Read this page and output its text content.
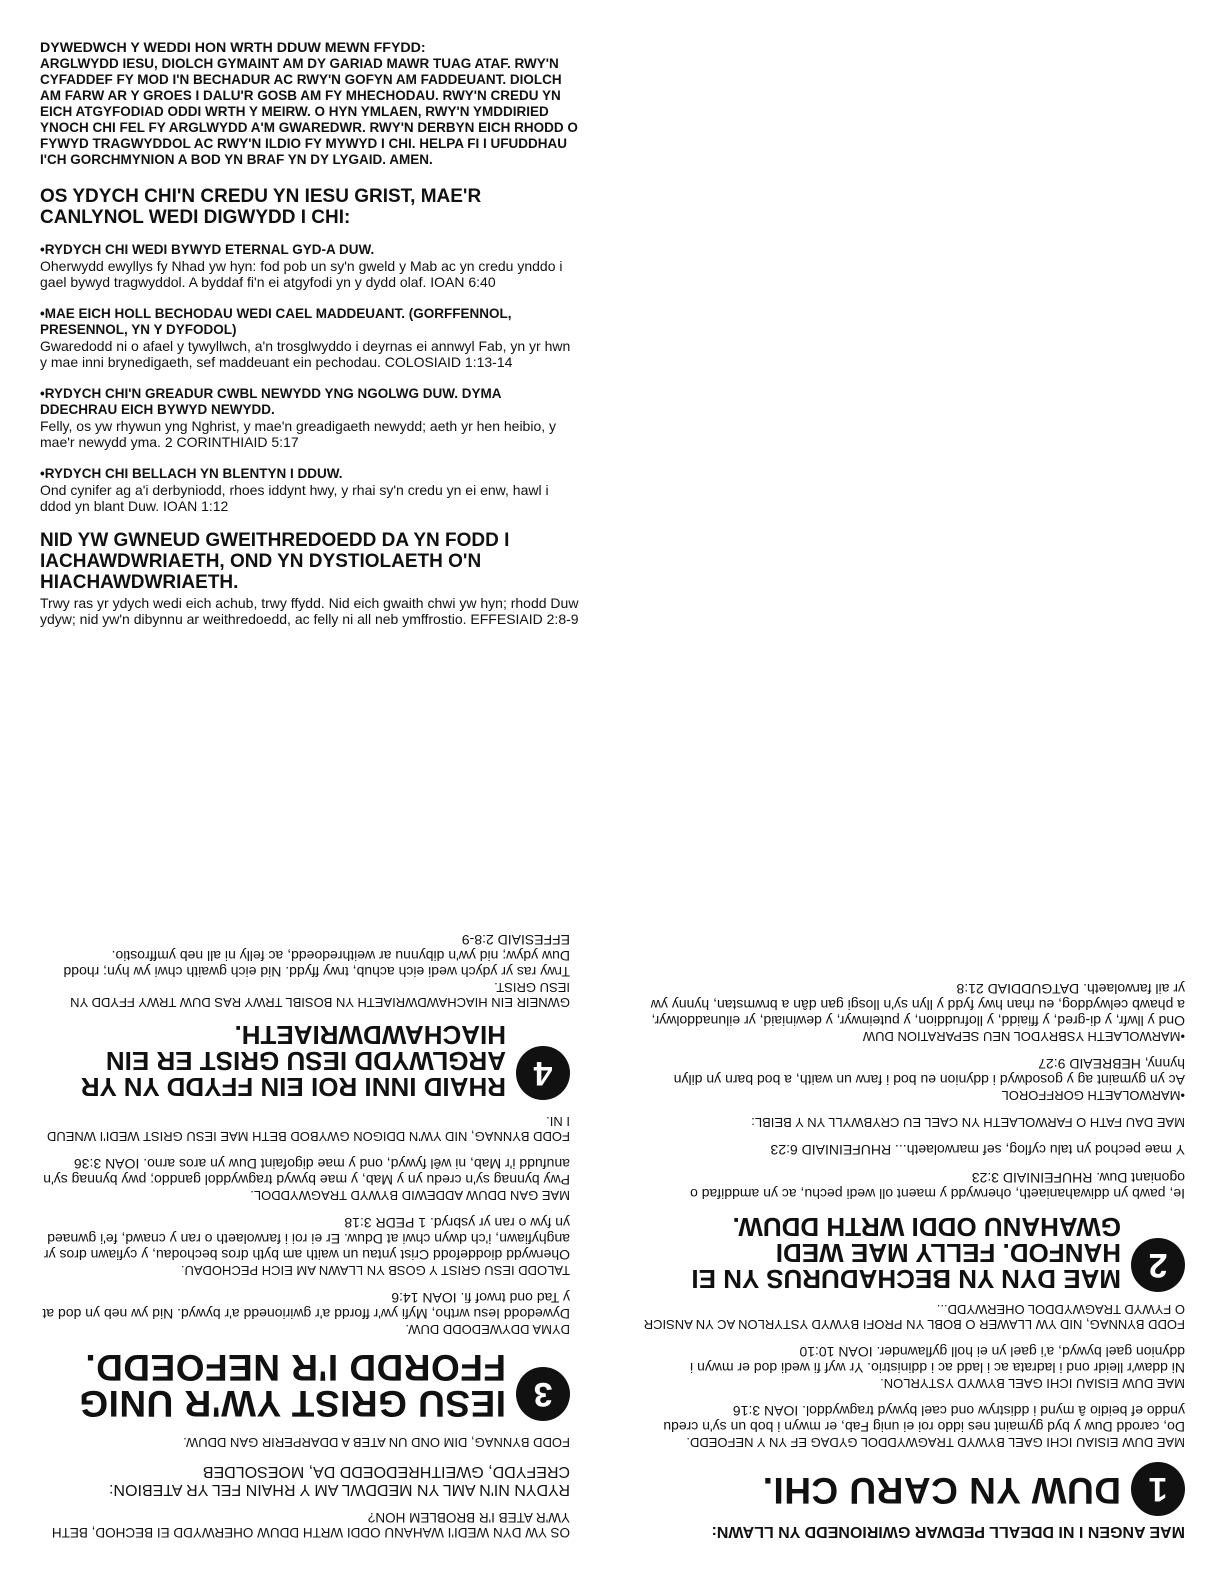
DYWEDWCH Y WEDDI HON WRTH DDUW MEWN FFYDD:
ARGLWYDD IESU, DIOLCH GYMAINT AM DY GARIAD MAWR TUAG ATAF. RWY'N CYFADDEF FY MOD I'N BECHADUR AC RWY'N GOFYN AM FADDEUANT. DIOLCH AM FARW AR Y GROES I DALU'R GOSB AM FY MHECHODAU. RWY'N CREDU YN EICH ATGYFODIAD ODDI WRTH Y MEIRW. O HYN YMLAEN, RWY'N YMDDIRIED YNOCH CHI FEL FY ARGLWYDD A'M GWAREDWR. RWY'N DERBYN EICH RHODD O FYWYD TRAGWYDDOL AC RWY'N ILDIO FY MYWYD I CHI. HELPA FI I UFUDDHAU I'CH GORCHMYNION A BOD YN BRAF YN DY LYGAID. AMEN.
OS YDYCH CHI'N CREDU YN IESU GRIST, MAE'R CANLYNOL WEDI DIGWYDD I CHI:
• RYDYCH CHI WEDI BYWYD ETERNAL GYD-A DUW.
Oherwydd ewyllys fy Nhad yw hyn: fod pob un sy'n gweld y Mab ac yn credu ynddo i gael bywyd tragwyddol. A byddaf fi'n ei atgyfodi yn y dydd olaf. IOAN 6:40
• MAE EICH HOLL BECHODAU WEDI CAEL MADDEUANT. (GORFFENNOL, PRESENNOL, YN Y DYFODOL)
Gwaredodd ni o afael y tywyllwch, a'n trosglwyddo i deyrnas ei annwyl Fab, yn yr hwn y mae inni brynedigaeth, sef maddeuant ein pechodau. COLOSIAID 1:13-14
• RYDYCH CHI'N GREADUR CWBL NEWYDD YNG NGOLWG DUW. DYMA DDECHRAU EICH BYWYD NEWYDD.
Felly, os yw rhywun yng Nghrist, y mae'n greadigaeth newydd; aeth yr hen heibio, y mae'r newydd yma. 2 CORINTHIAID 5:17
• RYDYCH CHI BELLACH YN BLENTYN I DDUW.
Ond cynifer ag a'i derbyniodd, rhoes iddynt hwy, y rhai sy'n credu yn ei enw, hawl i ddod yn blant Duw. IOAN 1:12
NID YW GWNEUD GWEITHREDOEDD DA YN FODD I IACHAWDWRIAETH, OND YN DYSTIOLAETH O'N HIACHAWDWRIAETH.
Trwy ras yr ydych wedi eich achub, trwy ffydd. Nid eich gwaith chwi yw hyn; rhodd Duw ydyw; nid yw'n dibynnu ar weithredoedd, ac felly ni all neb ymffrostio. EFFESIAID 2:8-9
MAE ANGEN I NI DDEALL PEDWAR GWIRIONEDD YN LLAWN:
1
DUW YN CARU CHI.
MAE DUW EISIAU ICHI GAEL BYWYD TRAGWYDDOL GYDAG EF YN Y NEFOEDD.
Do, carodd Duw y byd gymaint nes iddo roi ei unig Fab, er mwyn i bob un sy'n credu ynddo ef beidio â mynd i ddistryw ond cael bywyd tragwyddol. IOAN 3:16
MAE DUW EISIAU ICHI GAEL BYWYD YSTYRLON.
Ni ddaw'r lleidr ond i ladrata ac i ladd ac i ddinistrio. Yr wyf fi wedi dod er mwyn i ddynion gael bywyd, a'i gael yn ei holl gyflawnder. IOAN 10:10
FODD BYNNAG, NID YW LLAWER O BOBL YN PROFI BYWYD YSTYRLON AC YN ANSICR O FYWYD TRAGWYDDOL OHERWYDD...
2
MAE DYN YN BECHADURUS YN EI HANFOD. FELLY MAE WEDI GWAHANU ODDI WRTH DDUW.
Ie, pawb yn ddiwahaniaeth, oherwydd y maent oll wedi pechu, ac yn amddifad o ogoniant Duw. RHUFEINIAID 3:23
Y mae pechod yn talu cyflog, sef marwolaeth... RHUFEINIAID 6:23
MAE DAU FATH O FARWOLAETH YN CAEL EU CRYBWYLL YN Y BEIBL:
• MARWOLAETH GORFFOROL
Ac yn gymaint ag y gosodwyd i ddynion eu bod i farw un waith, a bod barn yn dilyn hynny, HEBREAID 9:27
• MARWOLAETH YSBRYDOL NEU SEPARATION DUW
Ond y llwfr, y di-gred, y ffiaidd, y llofruddion, y puteinwyr, y dewiniaid, yr eilunaddolwyr, a phawb celwyddog, eu rhan hwy fydd y llyn sy'n llosgi gan dân a brwmstan, hynny yw yr ail farwolaeth. DATGUDDIAD 21:8
OS YW DYN WEDI'I WAHANU ODDI WRTH DDUW OHERWYDD EI BECHOD, BETH YW'R ATEB I'R BROBLEM HON?
RYDYN NI'N AML YN MEDDWL AM Y RHAIN FEL YR ATEBION: CREFYDD, GWEITHREDOEDD DA, MOESOLDEB
FODD BYNNAG, DIM OND UN ATEB A DDARPERIR GAN DDUW.
3
IESU GRIST YW'R UNIG FFORDD I'R NEFOEDD.
DYMA DDYWEDODD DUW.
Dywedodd Iesu wrtho, Myfi yw'r ffordd a'r gwirionedd a'r bywyd. Nid yw neb yn dod at y Tad ond trwof fi. IOAN 14:6
TALODD IESU GRIST Y GOSB YN LLAWN AM EICH PECHODAU.
Oherwydd dioddefodd Crist yntau un waith am byth dros bechodau, y cyfiawn dros yr anghyfiawn, i'ch dwyn chwi at Dduw. Er ei roi i farwolaeth o ran y cnawd, fe'i gwnaed yn fyw o ran yr ysbryd. 1 PEDR 3:18
MAE GAN DDUW ADDEWID BYWYD TRAGWYDDOL.
Pwy bynnag sy'n credu yn y Mab, y mae bywyd tragwyddol ganddo; pwy bynnag sy'n anufudd i'r Mab, ni wêl fywyd, ond y mae digofaint Duw yn aros arno. IOAN 3:36
FODD BYNNAG, NID YW'N DDIGON GWYBOD BETH MAE IESU GRIST WEDI'I WNEUD I NI.
4
RHAID INNI ROI EIN FFYDD YN YR ARGLWYDD IESU GRIST ER EIN HIACHAWDWRIAETH.
GWNEIR EIN HIACHAWDWRIAETH YN BOSIBL TRWY RAS DUW TRWY FFYDD YN IESU GRIST.
Trwy ras yr ydych wedi eich achub, trwy ffydd. Nid eich gwaith chwi yw hyn; rhodd Duw ydyw; nid yw'n dibynnu ar weithredoedd, ac felly ni all neb ymffrostio. EFFESIAID 2:8-9
